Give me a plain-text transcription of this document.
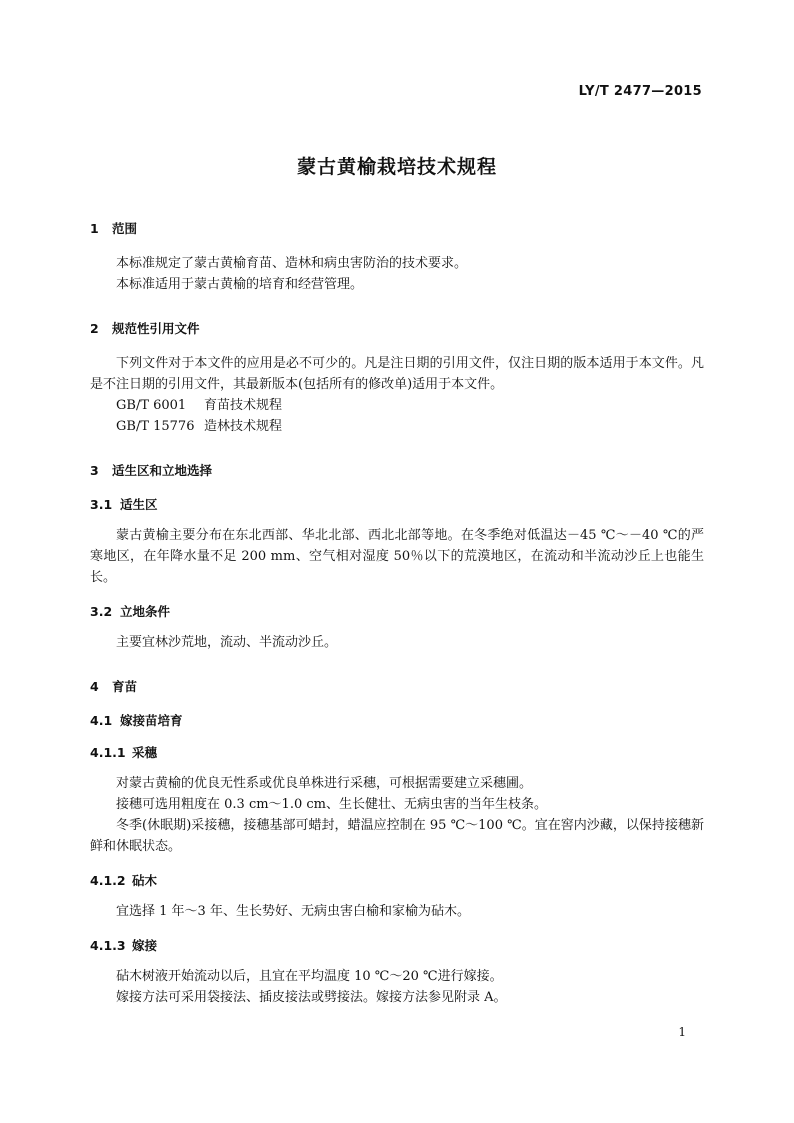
LY/T 2477—2015
蒙古黄榆栽培技术规程
1 范围

本标准规定了蒙古黄榆育苗、造林和病虫害防治的技术要求。

本标准适用于蒙古黄榆的培育和经营管理。

2 规范性引用文件

下列文件对于本文件的应用是必不可少的。凡是注日期的引用文件，仅注日期的版本适用于本文件。凡是不注日期的引用文件，其最新版本(包括所有的修改单)适用于本文件。

GB/T 6001 育苗技术规程

GB/T 15776 造林技术规程

3 适生区和立地选择
3.1 适生区

蒙古黄榆主要分布在东北西部、华北北部、西北北部等地。在冬季绝对低温达－45 ℃～－40 ℃的严寒地区，在年降水量不足 200 mm、空气相对湿度 50％以下的荒漠地区，在流动和半流动沙丘上也能生长。

3.2 立地条件

主要宜林沙荒地，流动、半流动沙丘。

4 育苗
4.1 嫁接苗培育
4.1.1 采穗

对蒙古黄榆的优良无性系或优良单株进行采穗，可根据需要建立采穗圃。

接穗可选用粗度在 0.3 cm～1.0 cm、生长健壮、无病虫害的当年生枝条。

冬季(休眠期)采接穗，接穗基部可蜡封，蜡温应控制在 95 ℃～100 ℃。宜在窖内沙藏，以保持接穗新鲜和休眠状态。

4.1.2 砧木

宜选择 1 年～3 年、生长势好、无病虫害白榆和家榆为砧木。

4.1.3 嫁接

砧木树液开始流动以后，且宜在平均温度 10 ℃～20 ℃进行嫁接。

嫁接方法可采用袋接法、插皮接法或劈接法。嫁接方法参见附录 A。

1
